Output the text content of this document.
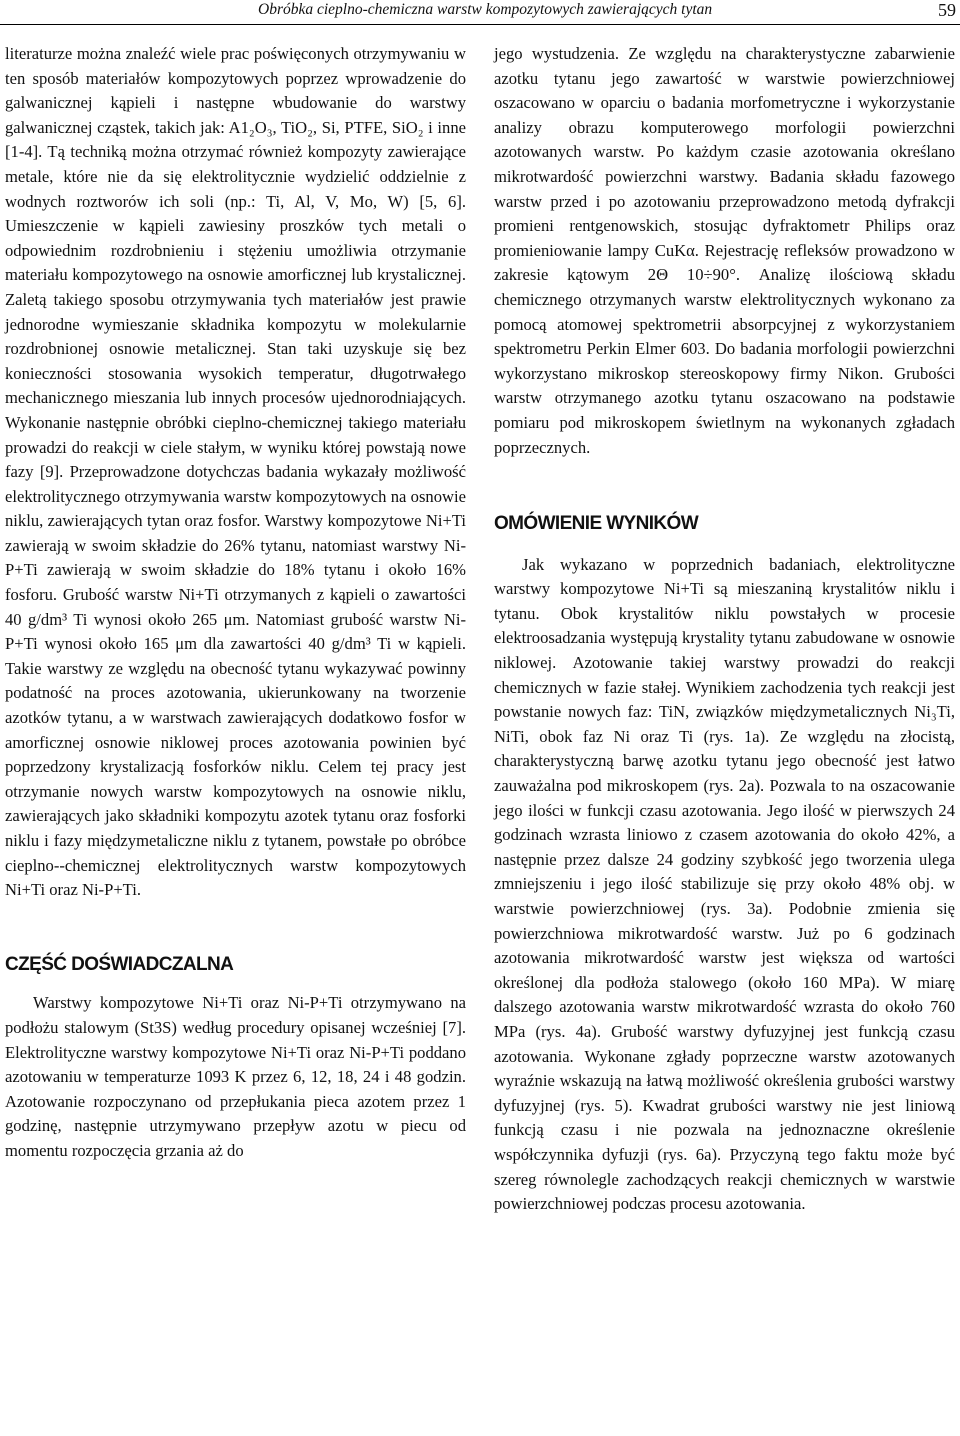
Obróbka cieplno-chemiczna warstw kompozytowych zawierających tytan	59

literaturze można znaleźć wiele prac poświęconych otrzymywaniu w ten sposób materiałów kompozytowych poprzez wprowadzenie do galwanicznej kąpieli i następne wbudowanie do warstwy galwanicznej cząstek, takich jak: A1₂O₃, TiO₂, Si, PTFE, SiO₂ i inne [1-4]. Tą techniką można otrzymać również kompozyty zawierające metale, które nie da się elektrolitycznie wydzielić oddzielnie z wodnych roztworów ich soli (np.: Ti, Al, V, Mo, W) [5, 6]. Umieszczenie w kąpieli zawiesiny proszków tych metali o odpowiednim rozdrobnieniu i stężeniu umożliwia otrzymanie materiału kompozytowego na osnowie amorficznej lub krystalicznej. Zaletą takiego sposobu otrzymywania tych materiałów jest prawie jednorodne wymieszanie składnika kompozytu w molekularnie rozdrobnionej osnowie metalicznej. Stan taki uzyskuje się bez konieczności stosowania wysokich temperatur, długotrwałego mechanicznego mieszania lub innych procesów ujednorodniających. Wykonanie następnie obróbki cieplno-chemicznej takiego materiału prowadzi do reakcji w ciele stałym, w wyniku której powstają nowe fazy [9]. Przeprowadzone dotychczas badania wykazały możliwość elektrolitycznego otrzymywania warstw kompozytowych na osnowie niklu, zawierających tytan oraz fosfor. Warstwy kompozytowe Ni+Ti zawierają w swoim składzie do 26% tytanu, natomiast warstwy Ni-P+Ti zawierają w swoim składzie do 18% tytanu i około 16% fosforu. Grubość warstw Ni+Ti otrzymanych z kąpieli o zawartości 40 g/dm³ Ti wynosi około 265 μm. Natomiast grubość warstw Ni-P+Ti wynosi około 165 μm dla zawartości 40 g/dm³ Ti w kąpieli. Takie warstwy ze względu na obecność tytanu wykazywać powinny podatność na proces azotowania, ukierunkowany na tworzenie azotków tytanu, a w warstwach zawierających dodatkowo fosfor w amorficznej osnowie niklowej proces azotowania powinien być poprzedzony krystalizacją fosforków niklu. Celem tej pracy jest otrzymanie nowych warstw kompozytowych na osnowie niklu, zawierających jako składniki kompozytu azotek tytanu oraz fosforki niklu i fazy międzymetaliczne niklu z tytanem, powstałe po obróbce cieplno--chemicznej elektrolitycznych warstw kompozytowych Ni+Ti oraz Ni-P+Ti.

CZĘŚĆ DOŚWIADCZALNA

Warstwy kompozytowe Ni+Ti oraz Ni-P+Ti otrzymywano na podłożu stalowym (St3S) według procedury opisanej wcześniej [7]. Elektrolityczne warstwy kompozytowe Ni+Ti oraz Ni-P+Ti poddano azotowaniu w temperaturze 1093 K przez 6, 12, 18, 24 i 48 godzin. Azotowanie rozpoczynano od przepłukania pieca azotem przez 1 godzinę, następnie utrzymywano przepływ azotu w piecu od momentu rozpoczęcia grzania aż do

jego wystudzenia. Ze względu na charakterystyczne zabarwienie azotku tytanu jego zawartość w warstwie powierzchniowej oszacowano w oparciu o badania morfometryczne i wykorzystanie analizy obrazu komputerowego morfologii powierzchni azotowanych warstw. Po każdym czasie azotowania określano mikrotwardość powierzchni warstwy. Badania składu fazowego warstw przed i po azotowaniu przeprowadzono metodą dyfrakcji promieni rentgenowskich, stosując dyfraktometr Philips oraz promieniowanie lampy CuKα. Rejestrację refleksów prowadzono w zakresie kątowym 2Θ 10÷90°. Analizę ilościową składu chemicznego otrzymanych warstw elektrolitycznych wykonano za pomocą atomowej spektrometrii absorpcyjnej z wykorzystaniem spektrometru Perkin Elmer 603. Do badania morfologii powierzchni wykorzystano mikroskop stereoskopowy firmy Nikon. Grubości warstw otrzymanego azotku tytanu oszacowano na podstawie pomiaru pod mikroskopem świetlnym na wykonanych zgładach poprzecznych.

OMÓWIENIE WYNIKÓW

Jak wykazano w poprzednich badaniach, elektrolityczne warstwy kompozytowe Ni+Ti są mieszaniną krystalitów niklu i tytanu. Obok krystalitów niklu powstałych w procesie elektroosadzania występują krystality tytanu zabudowane w osnowie niklowej. Azotowanie takiej warstwy prowadzi do reakcji chemicznych w fazie stałej. Wynikiem zachodzenia tych reakcji jest powstanie nowych faz: TiN, związków międzymetalicznych Ni₃Ti, NiTi, obok faz Ni oraz Ti (rys. 1a). Ze względu na złocistą, charakterystyczną barwę azotku tytanu jego obecność jest łatwo zauważalna pod mikroskopem (rys. 2a). Pozwala to na oszacowanie jego ilości w funkcji czasu azotowania. Jego ilość w pierwszych 24 godzinach wzrasta liniowo z czasem azotowania do około 42%, a następnie przez dalsze 24 godziny szybkość jego tworzenia ulega zmniejszeniu i jego ilość stabilizuje się przy około 48% obj. w warstwie powierzchniowej (rys. 3a). Podobnie zmienia się powierzchniowa mikrotwardość warstw. Już po 6 godzinach azotowania mikrotwardość warstw jest większa od wartości określonej dla podłoża stalowego (około 160 MPa). W miarę dalszego azotowania warstw mikrotwardość wzrasta do około 760 MPa (rys. 4a). Grubość warstwy dyfuzyjnej jest funkcją czasu azotowania. Wykonane zgłady poprzeczne warstw azotowanych wyraźnie wskazują na łatwą możliwość określenia grubości warstwy dyfuzyjnej (rys. 5). Kwadrat grubości warstwy nie jest liniową funkcją czasu i nie pozwala na jednoznaczne określenie współczynnika dyfuzji (rys. 6a). Przyczyną tego faktu może być szereg równolegle zachodzących reakcji chemicznych w warstwie powierzchniowej podczas procesu azotowania.
